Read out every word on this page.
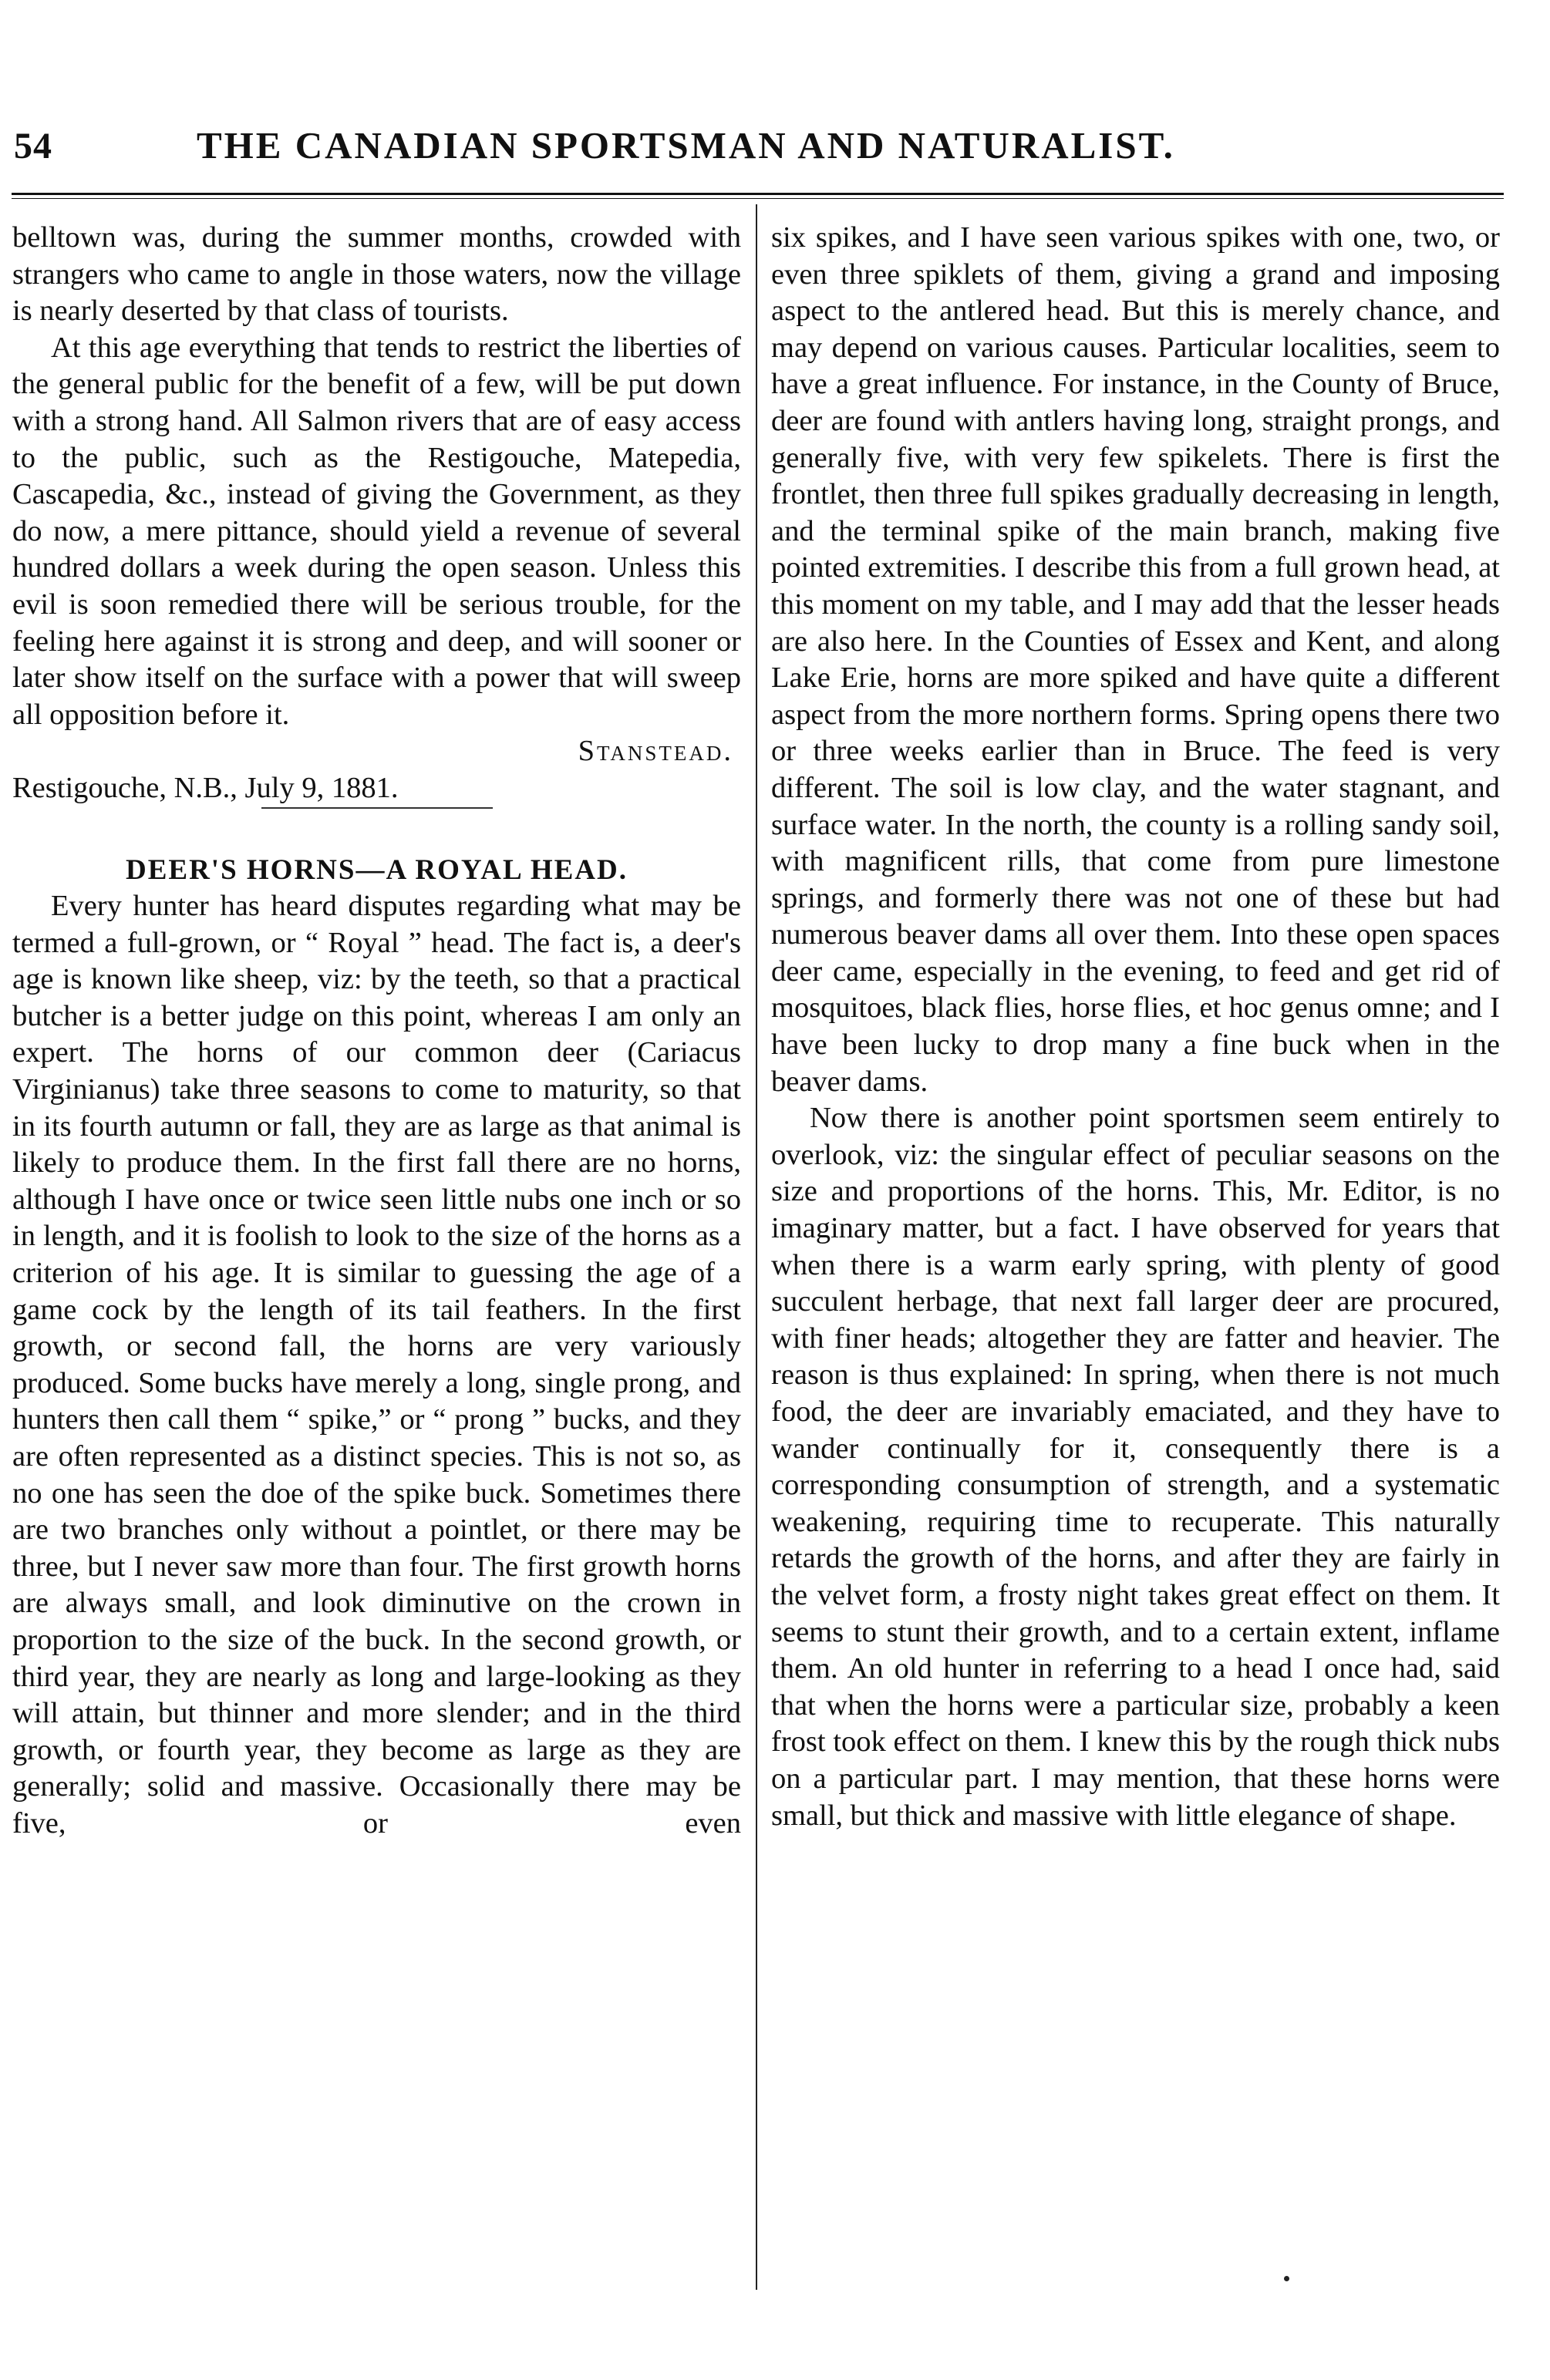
54	THE CANADIAN SPORTSMAN AND NATURALIST.

belltown was, during the summer months, crowded with strangers who came to angle in those waters, now the village is nearly deserted by that class of tourists.

At this age everything that tends to restrict the liberties of the general public for the benefit of a few, will be put down with a strong hand. All Salmon rivers that are of easy access to the public, such as the Restigouche, Matepedia, Cascapedia, &c., instead of giving the Government, as they do now, a mere pittance, should yield a revenue of several hundred dollars a week during the open season. Unless this evil is soon remedied there will be serious trouble, for the feeling here against it is strong and deep, and will sooner or later show itself on the surface with a power that will sweep all opposition before it.

Stanstead.

Restigouche, N.B., July 9, 1881.

DEER'S HORNS—A ROYAL HEAD.

Every hunter has heard disputes regarding what may be termed a full-grown, or “ Royal ” head. The fact is, a deer's age is known like sheep, viz: by the teeth, so that a practical butcher is a better judge on this point, whereas I am only an expert. The horns of our common deer (Cariacus Virginianus) take three seasons to come to maturity, so that in its fourth autumn or fall, they are as large as that animal is likely to produce them. In the first fall there are no horns, although I have once or twice seen little nubs one inch or so in length, and it is foolish to look to the size of the horns as a criterion of his age. It is similar to guessing the age of a game cock by the length of its tail feathers. In the first growth, or second fall, the horns are very variously produced. Some bucks have merely a long, single prong, and hunters then call them “ spike,” or “ prong ” bucks, and they are often represented as a distinct species. This is not so, as no one has seen the doe of the spike buck. Sometimes there are two branches only without a pointlet, or there may be three, but I never saw more than four. The first growth horns are always small, and look diminutive on the crown in proportion to the size of the buck. In the second growth, or third year, they are nearly as long and large-looking as they will attain, but thinner and more slender; and in the third growth, or fourth year, they become as large as they are generally; solid and massive. Occasionally there may be five, or even

six spikes, and I have seen various spikes with one, two, or even three spiklets of them, giving a grand and imposing aspect to the antlered head. But this is merely chance, and may depend on various causes. Particular localities, seem to have a great influence. For instance, in the County of Bruce, deer are found with antlers having long, straight prongs, and generally five, with very few spikelets. There is first the frontlet, then three full spikes gradually decreasing in length, and the terminal spike of the main branch, making five pointed extremities. I describe this from a full grown head, at this moment on my table, and I may add that the lesser heads are also here. In the Counties of Essex and Kent, and along Lake Erie, horns are more spiked and have quite a different aspect from the more northern forms. Spring opens there two or three weeks earlier than in Bruce. The feed is very different. The soil is low clay, and the water stagnant, and surface water. In the north, the county is a rolling sandy soil, with magnificent rills, that come from pure limestone springs, and formerly there was not one of these but had numerous beaver dams all over them. Into these open spaces deer came, especially in the evening, to feed and get rid of mosquitoes, black flies, horse flies, et hoc genus omne; and I have been lucky to drop many a fine buck when in the beaver dams.

Now there is another point sportsmen seem entirely to overlook, viz: the singular effect of peculiar seasons on the size and proportions of the horns. This, Mr. Editor, is no imaginary matter, but a fact. I have observed for years that when there is a warm early spring, with plenty of good succulent herbage, that next fall larger deer are procured, with finer heads; altogether they are fatter and heavier. The reason is thus explained: In spring, when there is not much food, the deer are invariably emaciated, and they have to wander continually for it, consequently there is a corresponding consumption of strength, and a systematic weakening, requiring time to recuperate. This naturally retards the growth of the horns, and after they are fairly in the velvet form, a frosty night takes great effect on them. It seems to stunt their growth, and to a certain extent, inflame them. An old hunter in referring to a head I once had, said that when the horns were a particular size, probably a keen frost took effect on them. I knew this by the rough thick nubs on a particular part. I may mention, that these horns were small, but thick and massive with little elegance of shape.
